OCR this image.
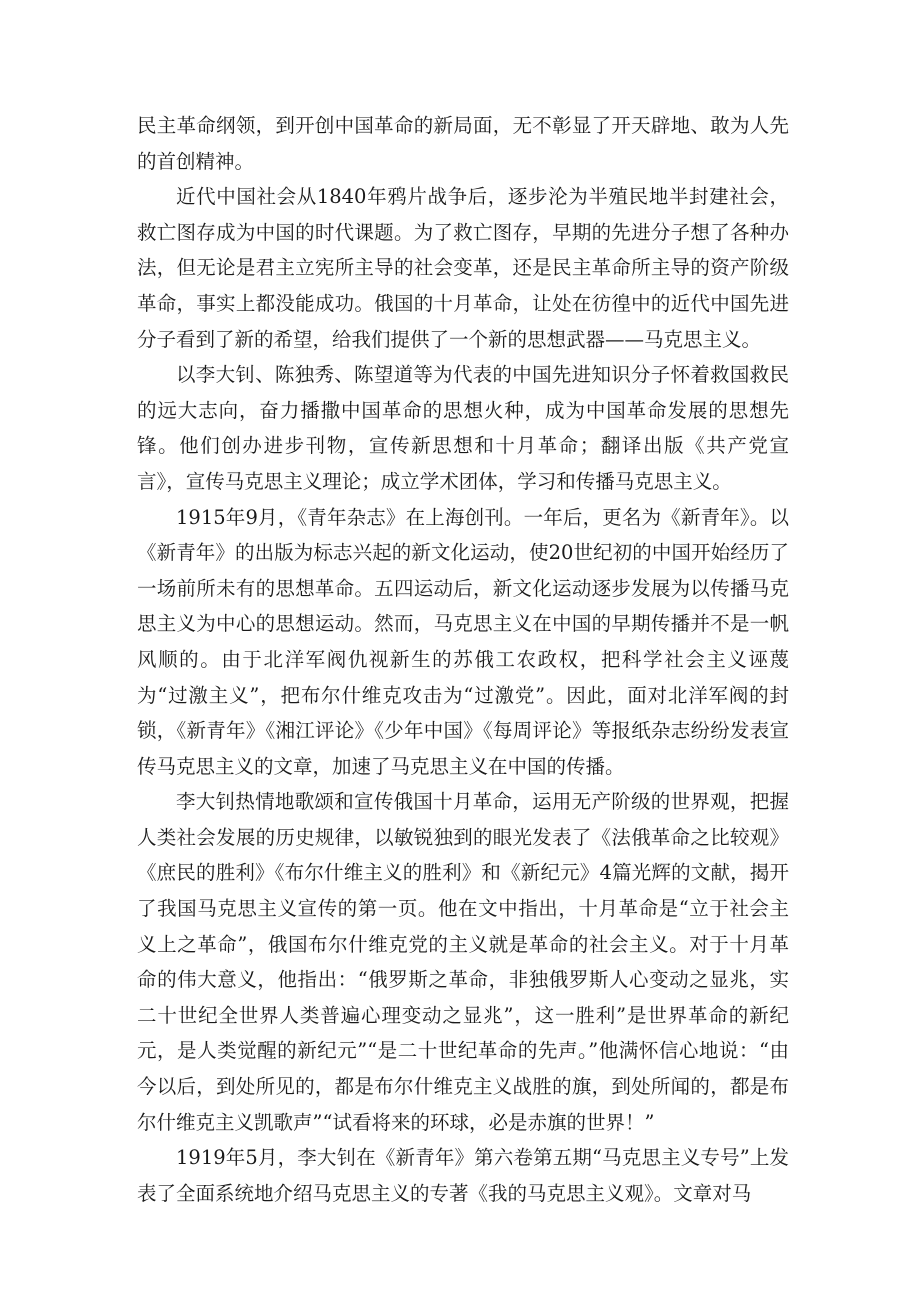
民主革命纲领，到开创中国革命的新局面，无不彰显了开天辟地、敢为人先的首创精神。

近代中国社会从1840年鸦片战争后，逐步沦为半殖民地半封建社会，救亡图存成为中国的时代课题。为了救亡图存，早期的先进分子想了各种办法，但无论是君主立宪所主导的社会变革，还是民主革命所主导的资产阶级革命，事实上都没能成功。俄国的十月革命，让处在彷徨中的近代中国先进分子看到了新的希望，给我们提供了一个新的思想武器——马克思主义。

以李大钊、陈独秀、陈望道等为代表的中国先进知识分子怀着救国救民的远大志向，奋力播撒中国革命的思想火种，成为中国革命发展的思想先锋。他们创办进步刊物，宣传新思想和十月革命；翻译出版《共产党宣言》，宣传马克思主义理论；成立学术团体，学习和传播马克思主义。

1915年9月，《青年杂志》在上海创刊。一年后，更名为《新青年》。以《新青年》的出版为标志兴起的新文化运动，使20世纪初的中国开始经历了一场前所未有的思想革命。五四运动后，新文化运动逐步发展为以传播马克思主义为中心的思想运动。然而，马克思主义在中国的早期传播并不是一帆风顺的。由于北洋军阀仇视新生的苏俄工农政权，把科学社会主义诬蔑为“过激主义”，把布尔什维克攻击为“过激党”。因此，面对北洋军阀的封锁，《新青年》《湘江评论》《少年中国》《每周评论》等报纸杂志纷纷发表宣传马克思主义的文章，加速了马克思主义在中国的传播。

李大钊热情地歌颂和宣传俄国十月革命，运用无产阶级的世界观，把握人类社会发展的历史规律，以敏锐独到的眼光发表了《法俄革命之比较观》《庶民的胜利》《布尔什维主义的胜利》和《新纪元》4篇光辉的文献，揭开了我国马克思主义宣传的第一页。他在文中指出，十月革命是“立于社会主义上之革命”，俄国布尔什维克党的主义就是革命的社会主义。对于十月革命的伟大意义，他指出：“俄罗斯之革命，非独俄罗斯人心变动之显兆，实二十世纪全世界人类普遍心理变动之显兆”，这一胜利”是世界革命的新纪元，是人类觉醒的新纪元”“是二十世纪革命的先声。”他满怀信心地说：“由今以后，到处所见的，都是布尔什维克主义战胜的旗，到处所闻的，都是布尔什维克主义凯歌声”“试看将来的环球，必是赤旗的世界！”

1919年5月，李大钊在《新青年》第六卷第五期“马克思主义专号”上发表了全面系统地介绍马克思主义的专著《我的马克思主义观》。文章对马
